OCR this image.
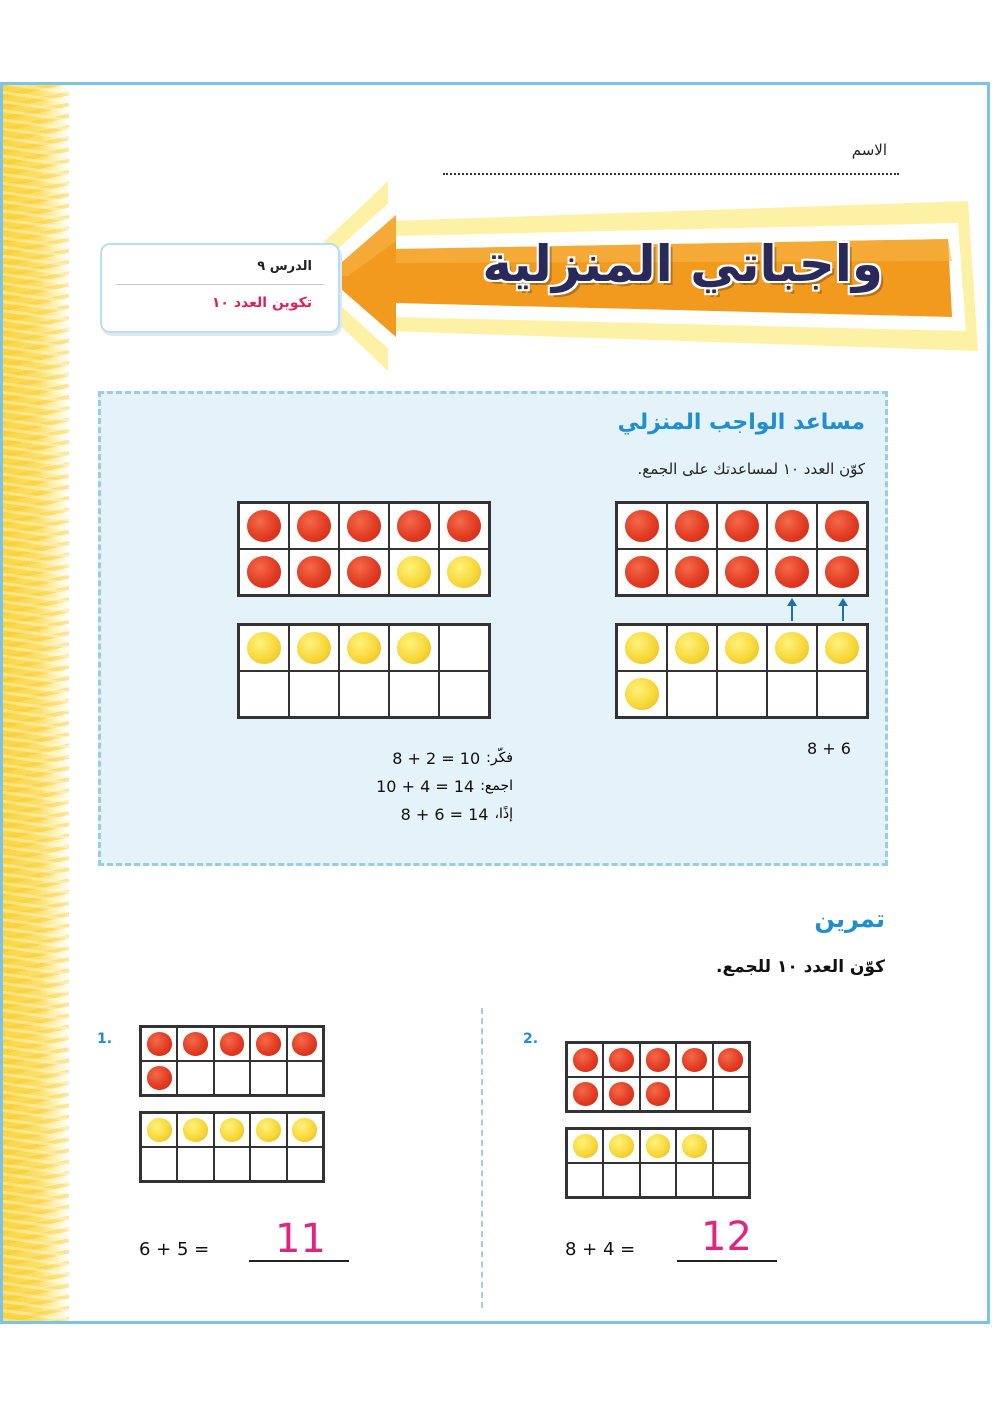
الاسم
واجباتي المنزلية
الدرس ٩
تكوين العدد ١٠
مساعد الواجب المنزلي
كوّن العدد ١٠ لمساعدتك على الجمع.
8 + 6
8 + 2 = 10 فكّر:
10 + 4 = 14 اجمع:
8 + 6 = 14 إذًا،
تمرين
كوّن العدد ١٠ للجمع.
1.
6 + 5 = 11
2.
8 + 4 = 12
